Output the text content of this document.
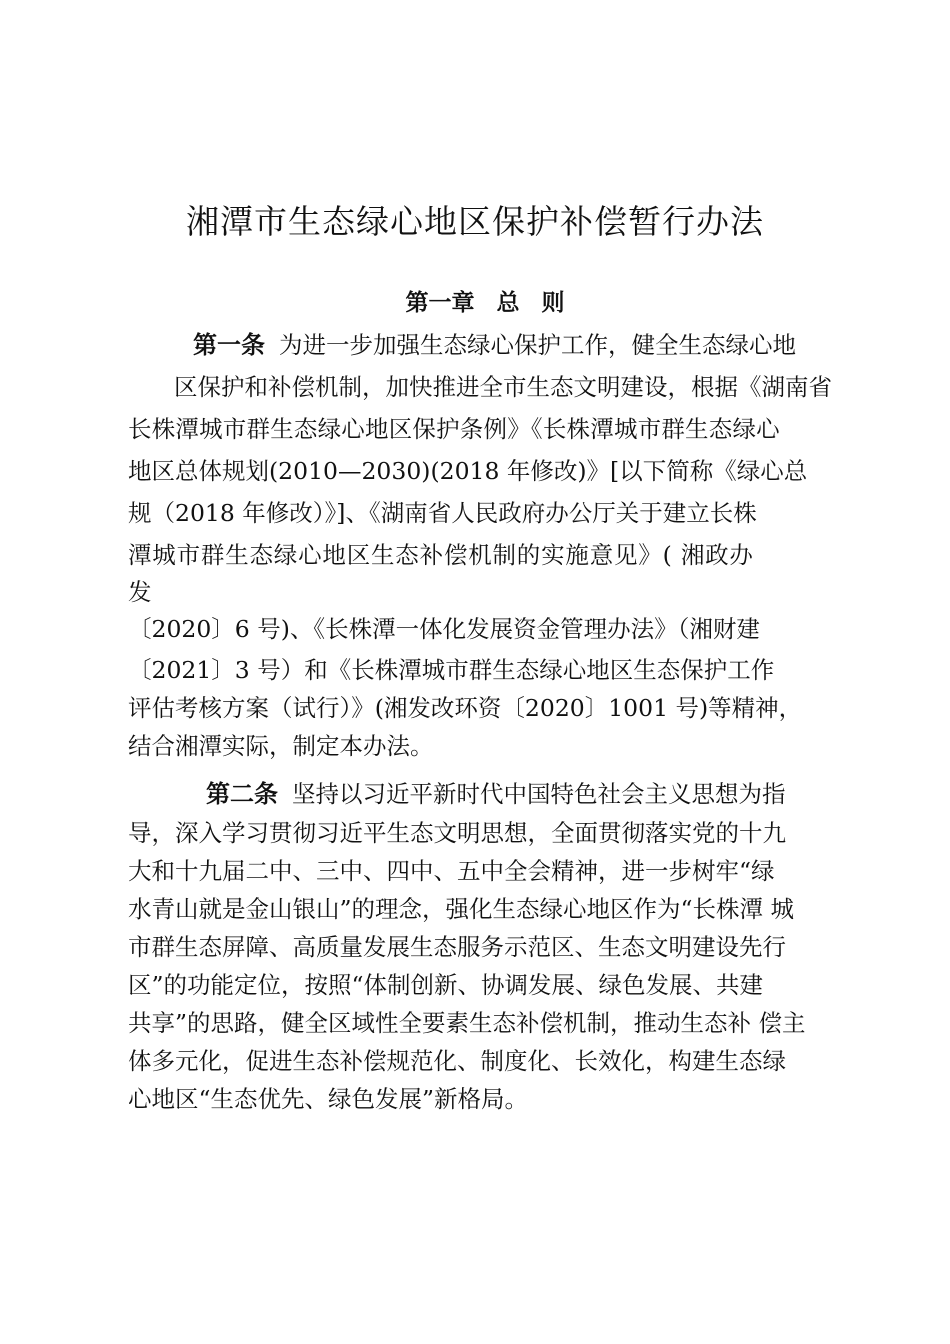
湘潭市生态绿心地区保护补偿暂行办法
第一章 总 则
第一条 为进一步加强生态绿心保护工作，健全生态绿心地
区保护和补偿机制，加快推进全市生态文明建设，根据《湖南省
长株潭城市群生态绿心地区保护条例》《长株潭城市群生态绿心
地区总体规划(2010—2030)(2018 年修改)》[以下简称《绿心总
规（2018 年修改）》]、《湖南省人民政府办公厅关于建立长株
潭城市群生态绿心地区生态补偿机制的实施意见》( 湘政办
发
〔2020〕6 号)、《长株潭一体化发展资金管理办法》（湘财建
〔2021〕3 号）和《长株潭城市群生态绿心地区生态保护工作
评估考核方案（试行）》(湘发改环资〔2020〕1001 号)等精神，
结合湘潭实际，制定本办法。
第二条 坚持以习近平新时代中国特色社会主义思想为指
导，深入学习贯彻习近平生态文明思想，全面贯彻落实党的十九
大和十九届二中、三中、四中、五中全会精神，进一步树牢“绿
水青山就是金山银山”的理念，强化生态绿心地区作为“长株潭 城
市群生态屏障、高质量发展生态服务示范区、生态文明建设先行
区”的功能定位，按照“体制创新、协调发展、绿色发展、共建
共享”的思路，健全区域性全要素生态补偿机制，推动生态补 偿主
体多元化，促进生态补偿规范化、制度化、长效化，构建生态绿
心地区“生态优先、绿色发展”新格局。
